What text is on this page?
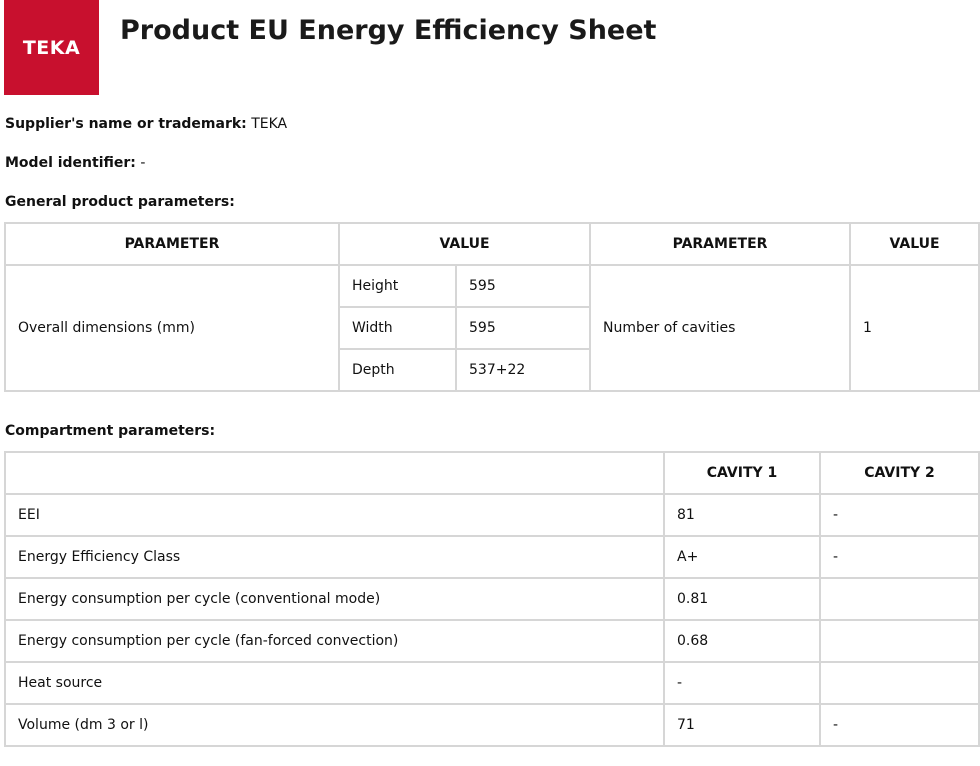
TEKA
Product EU Energy Efficiency Sheet
Supplier's name or trademark: TEKA
Model identifier: -
General product parameters:
PARAMETER	VALUE		PARAMETER	VALUE
Overall dimensions (mm)	Height	595	Number of cavities	1
	Width	595		
	Depth	537+22		
Compartment parameters:
	CAVITY 1	CAVITY 2
EEI	81	-
Energy Efficiency Class	A+	-
Energy consumption per cycle (conventional mode)	0.81	
Energy consumption per cycle (fan-forced convection)	0.68	
Heat source	-	
Volume (dm 3 or l)	71	-
